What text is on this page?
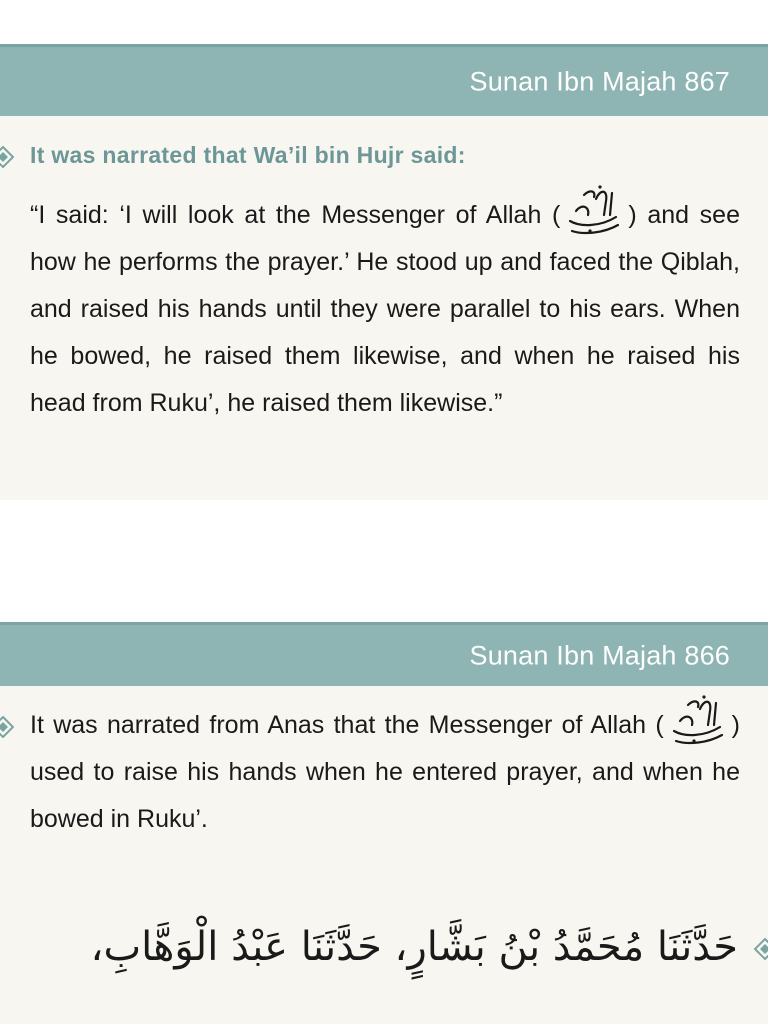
Sunan Ibn Majah 867
It was narrated that Wa’il bin Hujr said:
“I said: ‘I will look at the Messenger of Allah (	) and see how he performs the prayer.’ He stood up and faced the Qiblah, and raised his hands until they were parallel to his ears. When he bowed, he raised them likewise, and when he raised his head from Ruku’, he raised them likewise.”
Sunan Ibn Majah 866
It was narrated from Anas that the Messenger of Allah (	) used to raise his hands when he entered prayer, and when he bowed in Ruku’.
حَدَّثَنَا مُحَمَّدُ بْنُ بَشَّارٍ، حَدَّثَنَا عَبْدُ الْوَهَّابِ،
